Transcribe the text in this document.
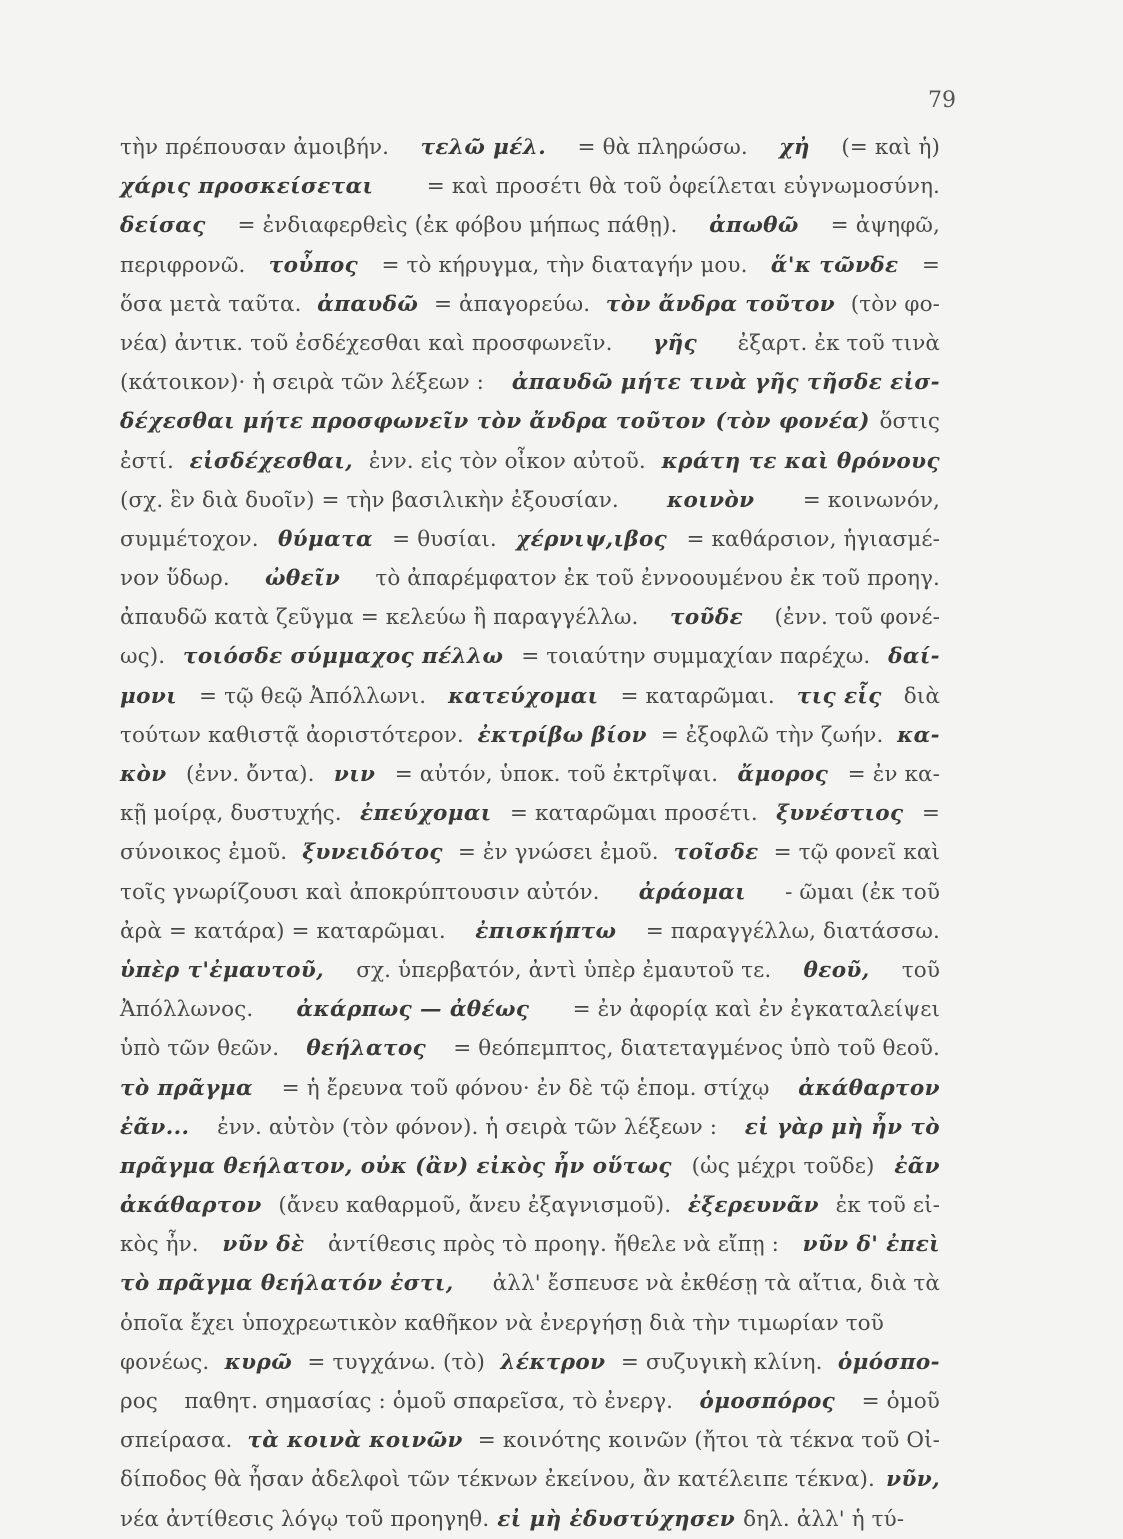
79
τὴν πρέπουσαν ἀμοιβήν. τελῶ μέλ. = θὰ πληρώσω. χἠ (= καὶ ἡ)
χάρις προσκείσεται = καὶ προσέτι θὰ τοῦ ὀφείλεται εὐγνωμοσύνη.
δείσας = ἐνδιαφερθεὶς (ἐκ φόβου μήπως πάθῃ). ἀπωθῶ = ἀψηφῶ,
περιφρονῶ. τοὖπος = τὸ κήρυγμα, τὴν διαταγήν μου. ἅ'κ τῶνδε =
ὅσα μετὰ ταῦτα. ἀπαυδῶ = ἀπαγορεύω. τὸν ἄνδρα τοῦτον (τὸν φο-
νέα) ἀντικ. τοῦ ἐσδέχεσθαι καὶ προσφωνεῖν. γῆς ἐξαρτ. ἐκ τοῦ τινὰ
(κάτοικον)· ἡ σειρὰ τῶν λέξεων : ἀπαυδῶ μήτε τινὰ γῆς τῆσδε εἰσ-
δέχεσθαι μήτε προσφωνεῖν τὸν ἄνδρα τοῦτον (τὸν φονέα) ὅστις
ἐστί. εἰσδέχεσθαι, ἐνν. εἰς τὸν οἶκον αὐτοῦ. κράτη τε καὶ θρόνους
(σχ. ἓν διὰ δυοῖν) = τὴν βασιλικὴν ἐξουσίαν. κοινὸν = κοινωνόν,
συμμέτοχον. θύματα = θυσίαι. χέρνιψ,ιβος = καθάρσιον, ἡγιασμέ-
νον ὕδωρ. ὠθεῖν τὸ ἀπαρέμφατον ἐκ τοῦ ἐννοουμένου ἐκ τοῦ προηγ.
ἀπαυδῶ κατὰ ζεῦγμα = κελεύω ἢ παραγγέλλω. τοῦδε (ἐνν. τοῦ φονέ-
ως). τοιόσδε σύμμαχος πέλλω = τοιαύτην συμμαχίαν παρέχω. δαί-
μονι = τῷ θεῷ Ἀπόλλωνι. κατεύχομαι = καταρῶμαι. τις εἷς διὰ
τούτων καθιστᾷ ἀοριστότερον. ἐκτρίβω βίον = ἐξοφλῶ τὴν ζωήν. κα-
κὸν (ἐνν. ὄντα). νιν = αὐτόν, ὑποκ. τοῦ ἐκτρῖψαι. ἄμορος = ἐν κα-
κῇ μοίρᾳ, δυστυχής. ἐπεύχομαι = καταρῶμαι προσέτι. ξυνέστιος =
σύνοικος ἐμοῦ. ξυνειδότος = ἐν γνώσει ἐμοῦ. τοῖσδε = τῷ φονεῖ καὶ
τοῖς γνωρίζουσι καὶ ἀποκρύπτουσιν αὐτόν. ἀράομαι - ῶμαι (ἐκ τοῦ
ἀρὰ = κατάρα) = καταρῶμαι. ἐπισκήπτω = παραγγέλλω, διατάσσω.
ὑπὲρ τ'ἐμαυτοῦ, σχ. ὑπερβατόν, ἀντὶ ὑπὲρ ἐμαυτοῦ τε. θεοῦ, τοῦ
Ἀπόλλωνος. ἀκάρπως — ἀθέως = ἐν ἀφορίᾳ καὶ ἐν ἐγκαταλείψει
ὑπὸ τῶν θεῶν. θεήλατος = θεόπεμπτος, διατεταγμένος ὑπὸ τοῦ θεοῦ.
τὸ πρᾶγμα = ἡ ἔρευνα τοῦ φόνου· ἐν δὲ τῷ ἑπομ. στίχῳ ἀκάθαρτον
ἐᾶν... ἐνν. αὐτὸν (τὸν φόνον). ἡ σειρὰ τῶν λέξεων : εἰ γὰρ μὴ ἦν τὸ
πρᾶγμα θεήλατον, οὐκ (ἂν) εἰκὸς ἦν οὕτως (ὡς μέχρι τοῦδε) ἐᾶν
ἀκάθαρτον (ἄνευ καθαρμοῦ, ἄνευ ἐξαγνισμοῦ). ἐξερευνᾶν ἐκ τοῦ εἰ-
κὸς ἦν. νῦν δὲ ἀντίθεσις πρὸς τὸ προηγ. ἤθελε νὰ εἴπῃ : νῦν δ' ἐπεὶ
τὸ πρᾶγμα θεήλατόν ἐστι, ἀλλ' ἔσπευσε νὰ ἐκθέσῃ τὰ αἴτια, διὰ τὰ
ὁποῖα ἔχει ὑποχρεωτικὸν καθῆκον νὰ ἐνεργήσῃ διὰ τὴν τιμωρίαν τοῦ
φονέως. κυρῶ = τυγχάνω. (τὸ) λέκτρον = συζυγικὴ κλίνη. ὁμόσπο-
ρος παθητ. σημασίας : ὁμοῦ σπαρεῖσα, τὸ ἐνεργ. ὁμοσπόρος = ὁμοῦ
σπείρασα. τὰ κοινὰ κοινῶν = κοινότης κοινῶν (ἤτοι τὰ τέκνα τοῦ Οἰ-
δίποδος θὰ ἦσαν ἀδελφοὶ τῶν τέκνων ἐκείνου, ἂν κατέλειπε τέκνα). νῦν,
νέα ἀντίθεσις λόγῳ τοῦ προηγηθ. εἰ μὴ ἐδυστύχησεν δηλ. ἀλλ' ἡ τύ-
